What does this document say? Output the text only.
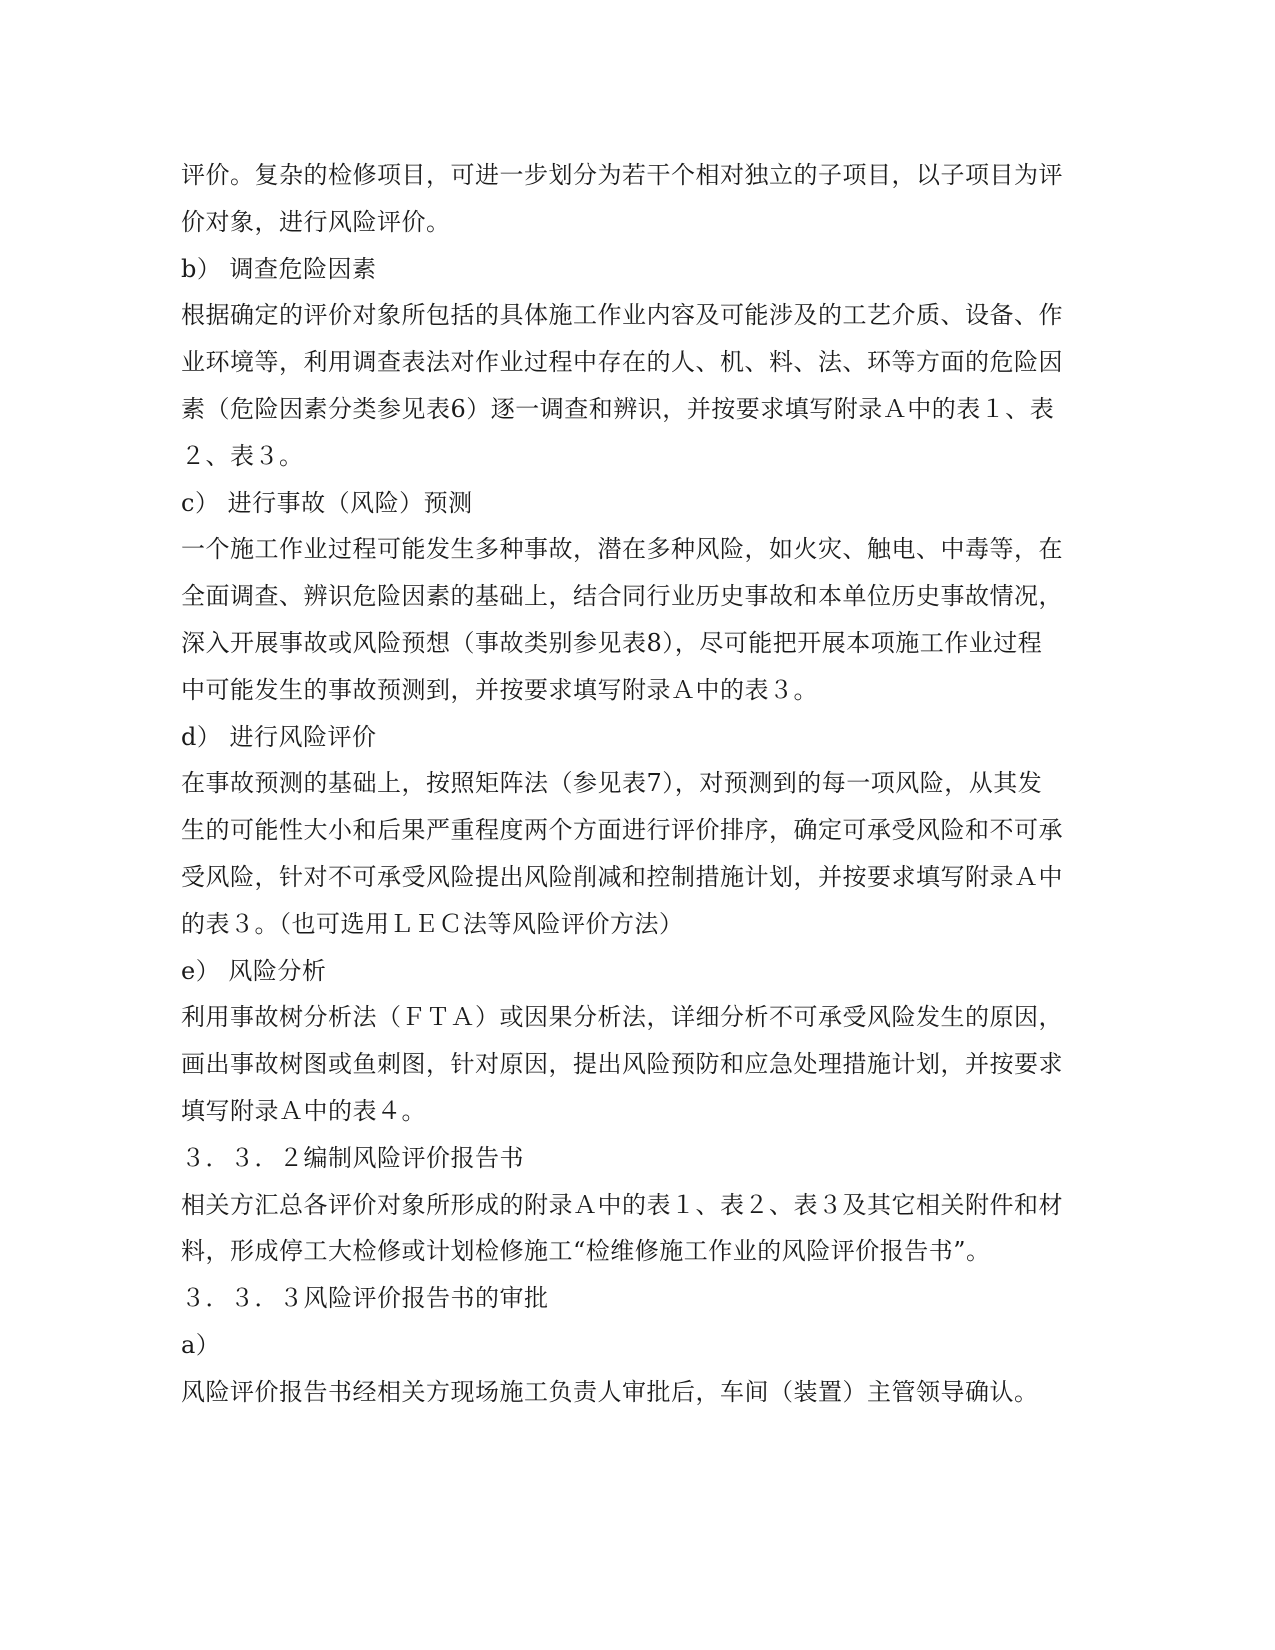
评价。复杂的检修项目，可进一步划分为若干个相对独立的子项目，以子项目为评
价对象，进行风险评价。
b） 调查危险因素
根据确定的评价对象所包括的具体施工作业内容及可能涉及的工艺介质、设备、作
业环境等，利用调查表法对作业过程中存在的人、机、料、法、环等方面的危险因
素（危险因素分类参见表6）逐一调查和辨识，并按要求填写附录Ａ中的表１、表
２、表３。
c） 进行事故（风险）预测
一个施工作业过程可能发生多种事故，潜在多种风险，如火灾、触电、中毒等，在
全面调查、辨识危险因素的基础上，结合同行业历史事故和本单位历史事故情况，
深入开展事故或风险预想（事故类别参见表8），尽可能把开展本项施工作业过程
中可能发生的事故预测到，并按要求填写附录Ａ中的表３。
d） 进行风险评价
在事故预测的基础上，按照矩阵法（参见表7），对预测到的每一项风险，从其发
生的可能性大小和后果严重程度两个方面进行评价排序，确定可承受风险和不可承
受风险，针对不可承受风险提出风险削减和控制措施计划，并按要求填写附录Ａ中
的表３。（也可选用ＬＥＣ法等风险评价方法）
e） 风险分析
利用事故树分析法（ＦＴＡ）或因果分析法，详细分析不可承受风险发生的原因，
画出事故树图或鱼刺图，针对原因，提出风险预防和应急处理措施计划，并按要求
填写附录Ａ中的表４。
３．３．２编制风险评价报告书
相关方汇总各评价对象所形成的附录Ａ中的表１、表２、表３及其它相关附件和材
料，形成停工大检修或计划检修施工“检维修施工作业的风险评价报告书”。
３．３．３风险评价报告书的审批
a）
风险评价报告书经相关方现场施工负责人审批后，车间（装置）主管领导确认。
